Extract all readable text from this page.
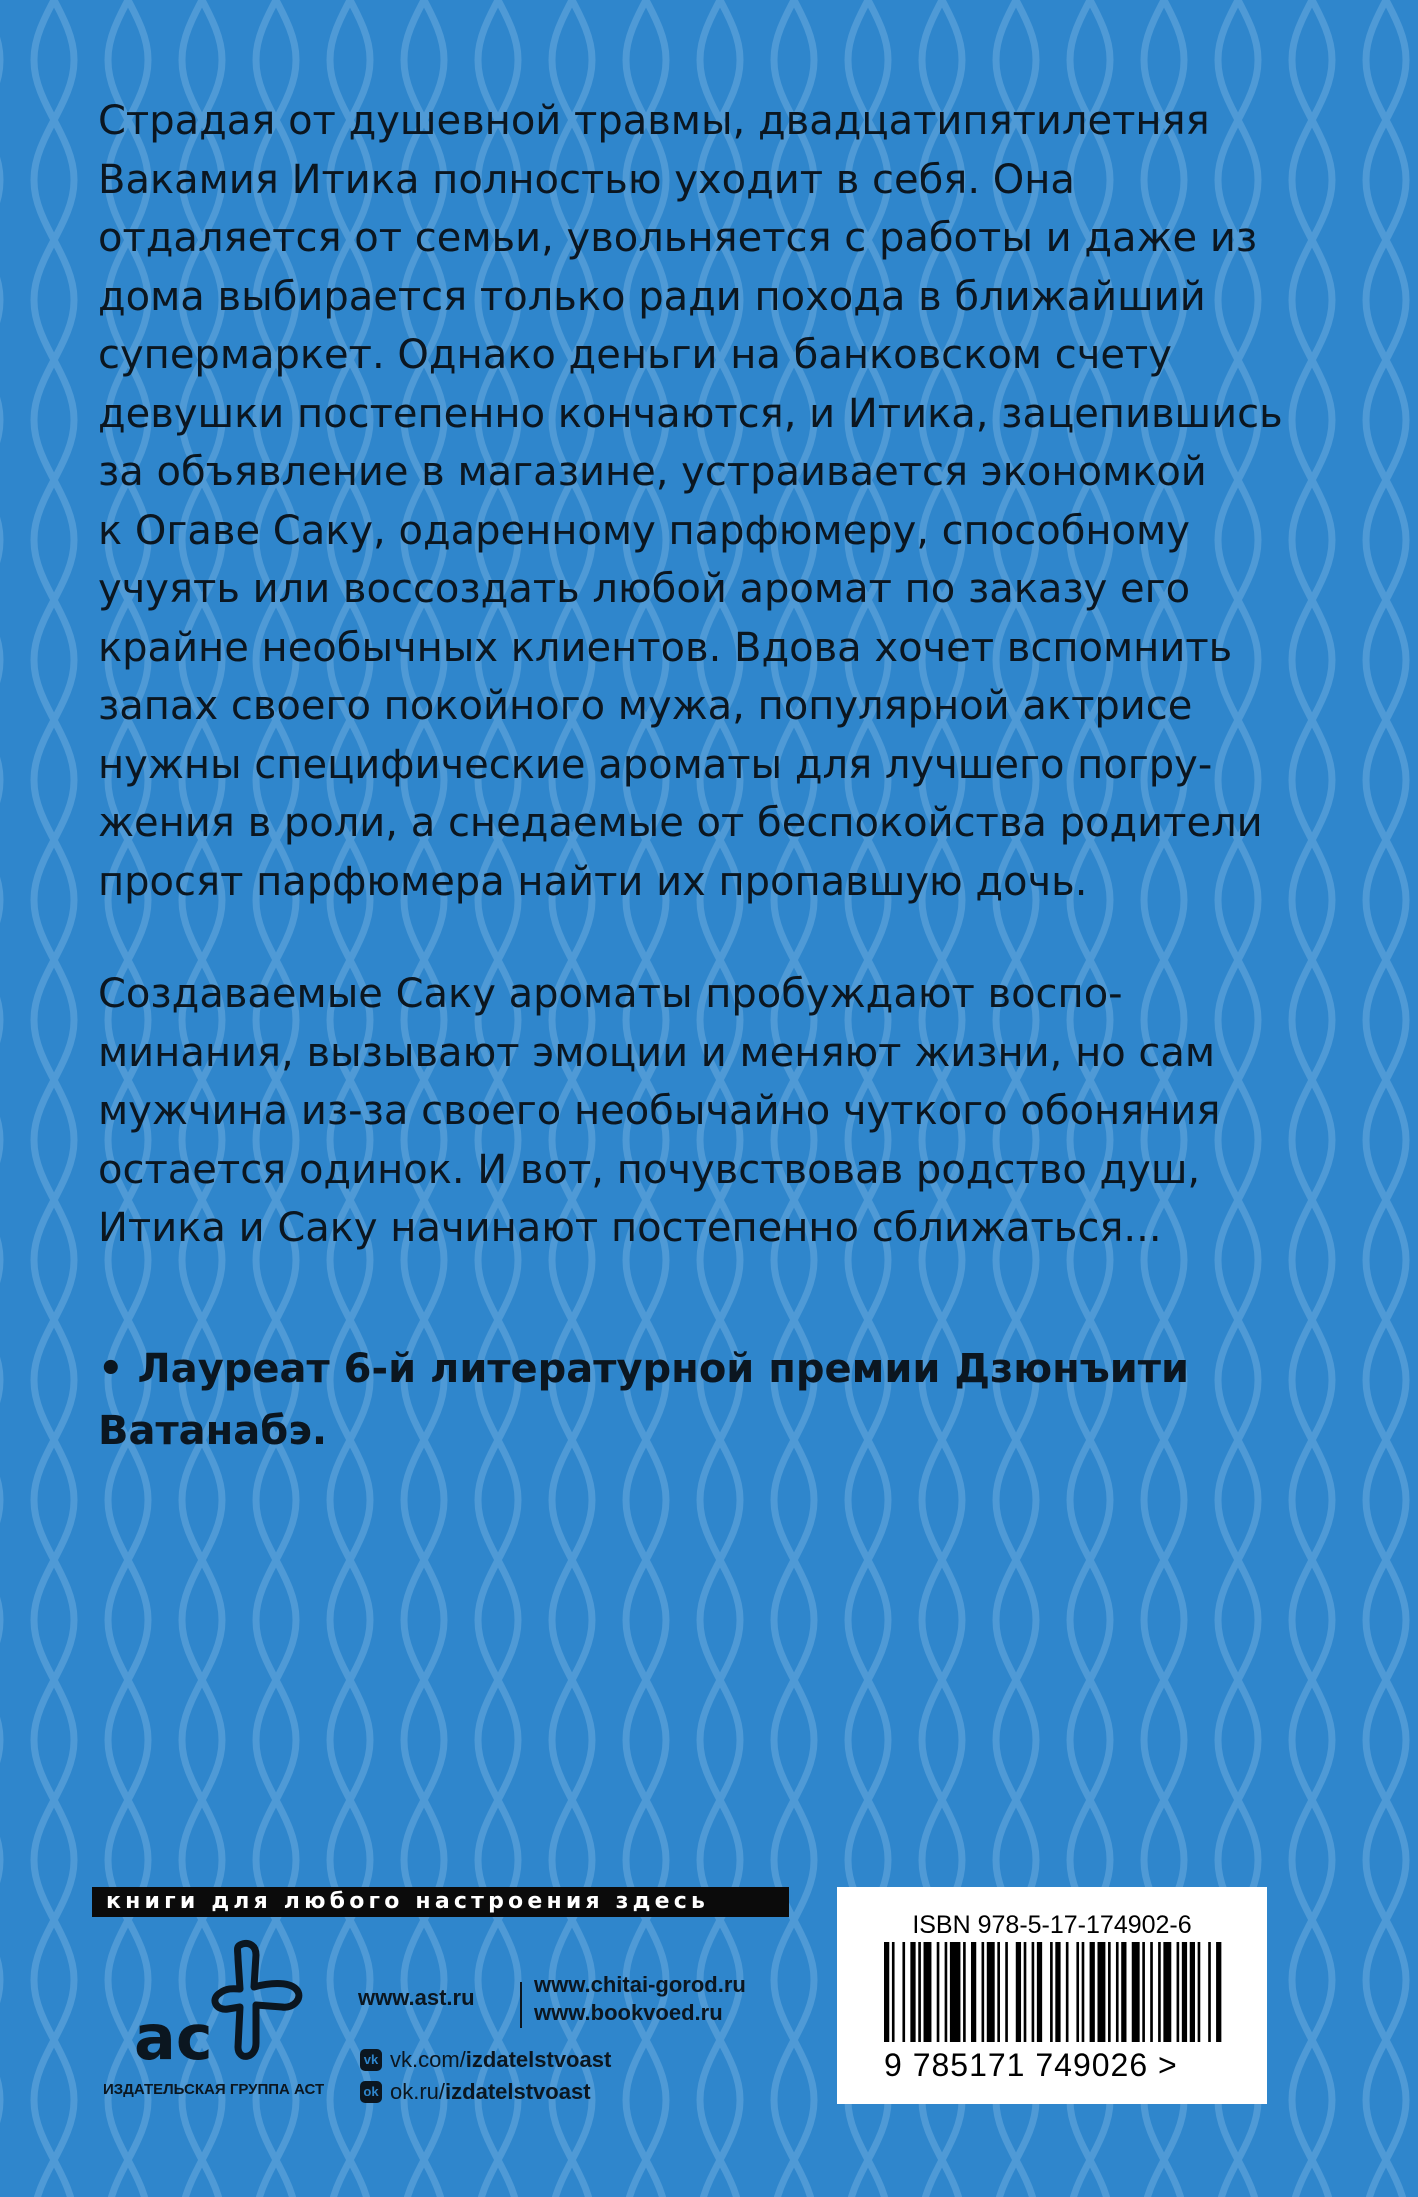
Страдая от душевной травмы, двадцатипятилетняя
Вакамия Итика полностью уходит в себя. Она
отдаляется от семьи, увольняется с работы и даже из
дома выбирается только ради похода в ближайший
супермаркет. Однако деньги на банковском счету
девушки постепенно кончаются, и Итика, зацепившись
за объявление в магазине, устраивается экономкой
к Огаве Саку, одаренному парфюмеру, способному
учуять или воссоздать любой аромат по заказу его
крайне необычных клиентов. Вдова хочет вспомнить
запах своего покойного мужа, популярной актрисе
нужны специфические ароматы для лучшего погру-
жения в роли, а снедаемые от беспокойства родители
просят парфюмера найти их пропавшую дочь.
Создаваемые Саку ароматы пробуждают воспо-
минания, вызывают эмоции и меняют жизни, но сам
мужчина из-за своего необычайно чуткого обоняния
остается одинок. И вот, почувствовав родство душ,
Итика и Саку начинают постепенно сближаться...
• Лауреат 6-й литературной премии Дзюнъити
Ватанабэ.
книги для любого настроения здесь
ac
ИЗДАТЕЛЬСКАЯ ГРУППА АСТ
www.ast.ru
www.chitai-gorod.ru
www.bookvoed.ru
vk vk.com/ izdatelstvoast
ok ok.ru/ izdatelstvoast
ISBN 978-5-17-174902-6
9 785171 749026 >
